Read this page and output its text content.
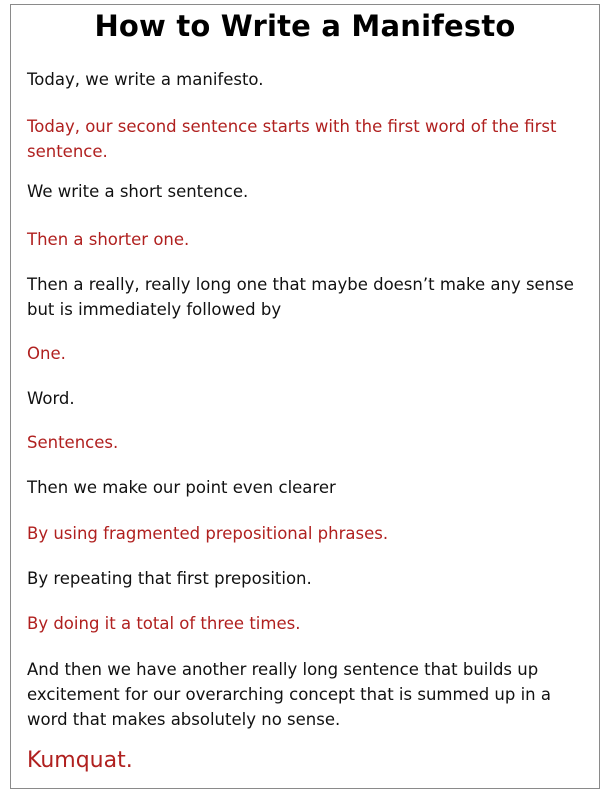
How to Write a Manifesto

Today, we write a manifesto.

Today, our second sentence starts with the first word of the first sentence.

We write a short sentence.

Then a shorter one.

Then a really, really long one that maybe doesn’t make any sense but is immediately followed by

One.

Word.

Sentences.

Then we make our point even clearer

By using fragmented prepositional phrases.

By repeating that first preposition.

By doing it a total of three times.

And then we have another really long sentence that builds up excitement for our overarching concept that is summed up in a word that makes absolutely no sense.

Kumquat.
